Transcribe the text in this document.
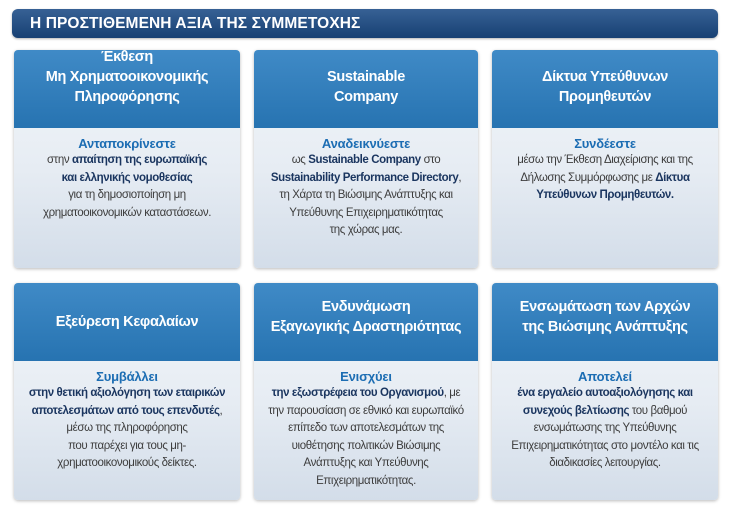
Η ΠΡΟΣΤΙΘΕΜΕΝΗ ΑΞΙΑ ΤΗΣ ΣΥΜΜΕΤΟΧΗΣ
Έκθεση
Μη Χρηματοοικονομικής
Πληροφόρησης
Ανταποκρίνεστε
στην απαίτηση της ευρωπαϊκής
και ελληνικής νομοθεσίας
για τη δημοσιοποίηση μη
χρηματοοικονομικών καταστάσεων.
Sustainable
Company
Αναδεικνύεστε
ως Sustainable Company στο
Sustainability Performance Directory,
τη Χάρτα τη Βιώσιμης Ανάπτυξης και
Υπεύθυνης Επιχειρηματικότητας
της χώρας μας.
Δίκτυα Υπεύθυνων
Προμηθευτών
Συνδέεστε
μέσω την Έκθεση Διαχείρισης και της
Δήλωσης Συμμόρφωσης με Δίκτυα
Υπεύθυνων Προμηθευτών.
Εξεύρεση Κεφαλαίων
Συμβάλλει
στην θετική αξιολόγηση των εταιρικών
αποτελεσμάτων από τους επενδυτές,
μέσω της πληροφόρησης
που παρέχει για τους μη-
χρηματοοικονομικούς δείκτες.
Ενδυνάμωση
Εξαγωγικής Δραστηριότητας
Ενισχύει
την εξωστρέφεια του Οργανισμού, με
την παρουσίαση σε εθνικό και ευρωπαϊκό
επίπεδο των αποτελεσμάτων της
υιοθέτησης πολιτικών Βιώσιμης
Ανάπτυξης και Υπεύθυνης
Επιχειρηματικότητας.
Ενσωμάτωση των Αρχών
της Βιώσιμης Ανάπτυξης
Αποτελεί
ένα εργαλείο αυτοαξιολόγησης και
συνεχούς βελτίωσης του βαθμού
ενσωμάτωσης της Υπεύθυνης
Επιχειρηματικότητας στο μοντέλο και τις
διαδικασίες λειτουργίας.
